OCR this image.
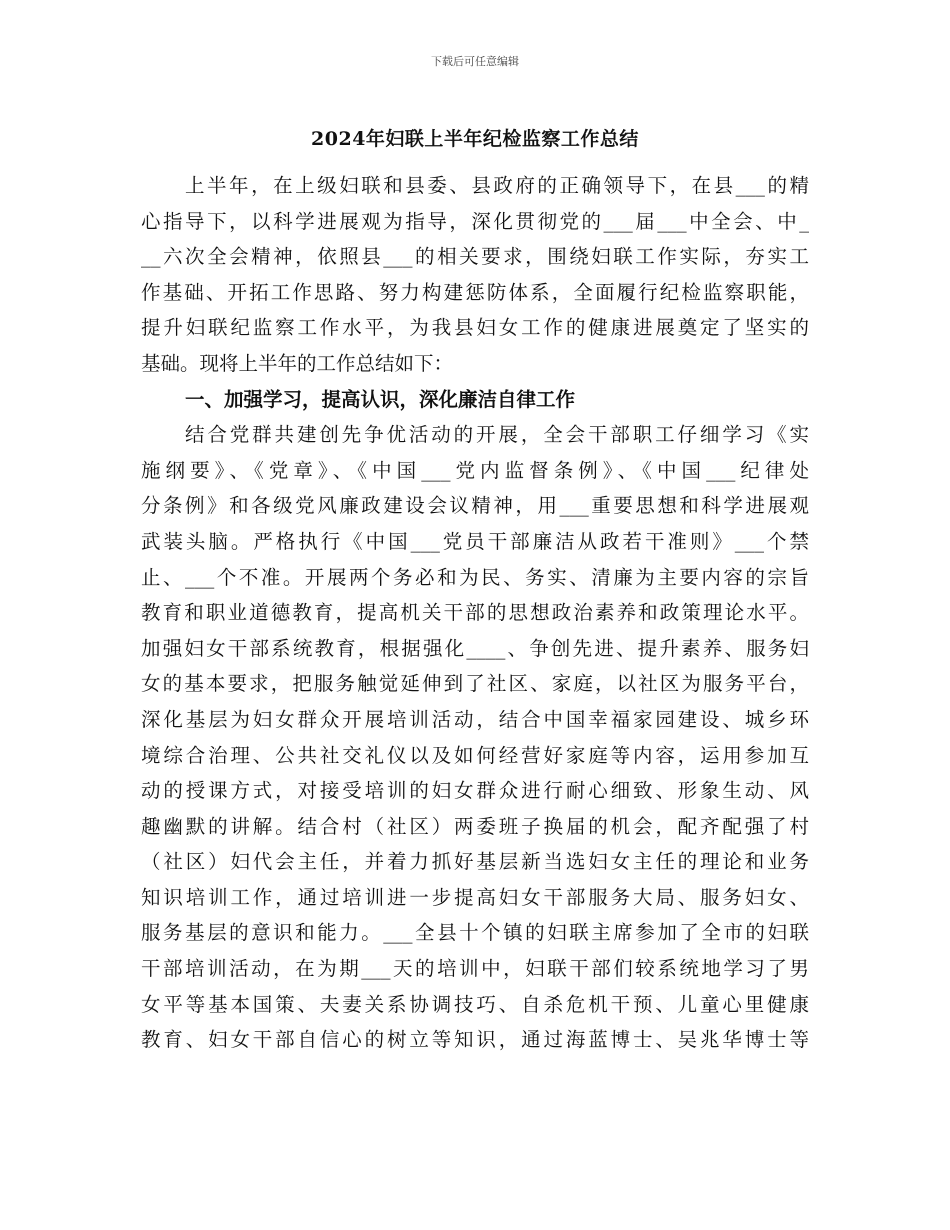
下载后可任意编辑
2024年妇联上半年纪检监察工作总结
上半年，在上级妇联和县委、县政府的正确领导下，在县___的精
心指导下，以科学进展观为指导，深化贯彻党的___届___中全会、中_
__六次全会精神，依照县___的相关要求，围绕妇联工作实际，夯实工
作基础、开拓工作思路、努力构建惩防体系，全面履行纪检监察职能，
提升妇联纪监察工作水平，为我县妇女工作的健康进展奠定了坚实的
基础。现将上半年的工作总结如下：
一、加强学习，提高认识，深化廉洁自律工作
结合党群共建创先争优活动的开展，全会干部职工仔细学习《实
施纲要》、《党章》、《中国___党内监督条例》、《中国___纪律处
分条例》和各级党风廉政建设会议精神，用___重要思想和科学进展观
武装头脑。严格执行《中国___党员干部廉洁从政若干准则》___个禁
止、___个不准。开展两个务必和为民、务实、清廉为主要内容的宗旨
教育和职业道德教育，提高机关干部的思想政治素养和政策理论水平。
加强妇女干部系统教育，根据强化____、争创先进、提升素养、服务妇
女的基本要求，把服务触觉延伸到了社区、家庭，以社区为服务平台，
深化基层为妇女群众开展培训活动，结合中国幸福家园建设、城乡环
境综合治理、公共社交礼仪以及如何经营好家庭等内容，运用参加互
动的授课方式，对接受培训的妇女群众进行耐心细致、形象生动、风
趣幽默的讲解。结合村（社区）两委班子换届的机会，配齐配强了村
（社区）妇代会主任，并着力抓好基层新当选妇女主任的理论和业务
知识培训工作，通过培训进一步提高妇女干部服务大局、服务妇女、
服务基层的意识和能力。___全县十个镇的妇联主席参加了全市的妇联
干部培训活动，在为期___天的培训中，妇联干部们较系统地学习了男
女平等基本国策、夫妻关系协调技巧、自杀危机干预、儿童心里健康
教育、妇女干部自信心的树立等知识，通过海蓝博士、吴兆华博士等
